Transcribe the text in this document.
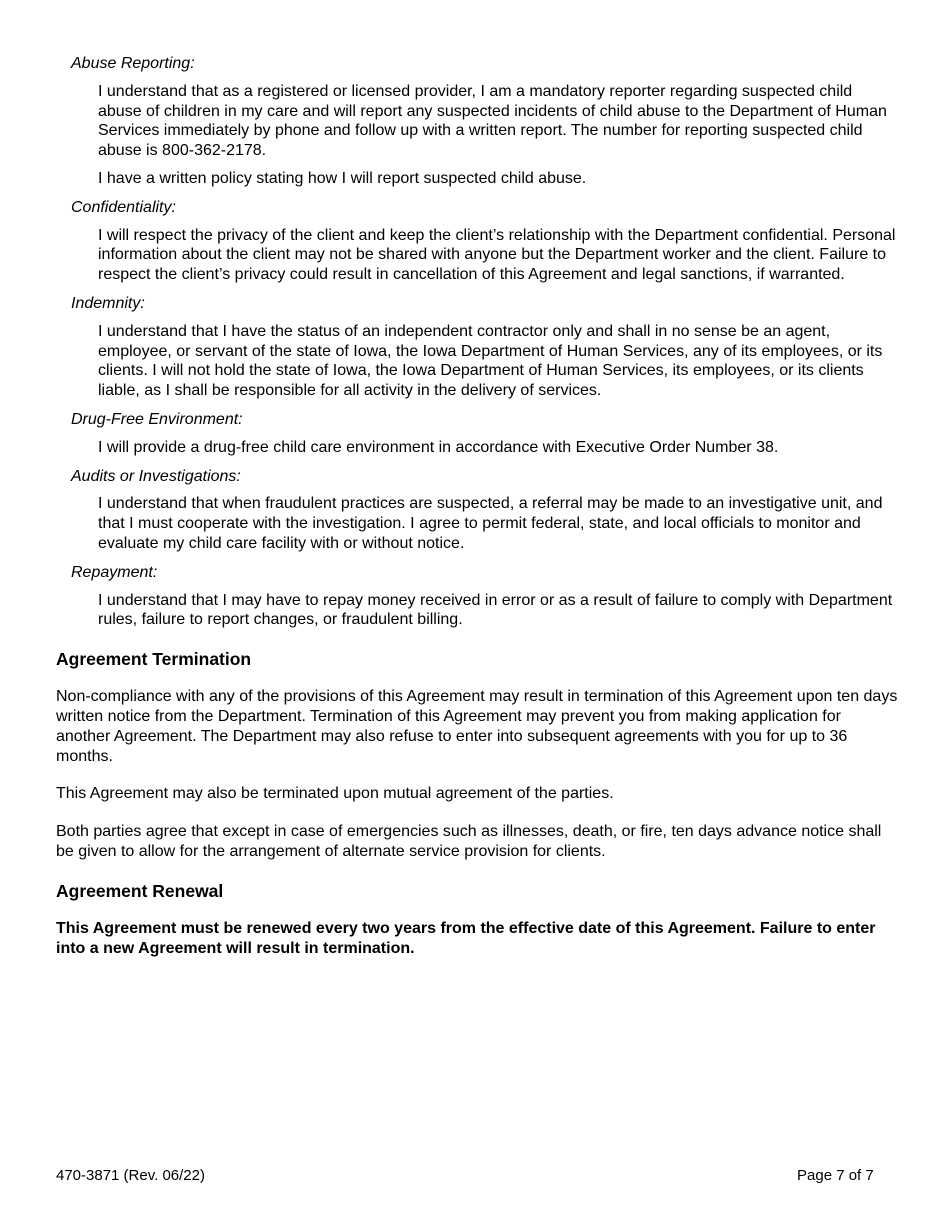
Abuse Reporting:
I understand that as a registered or licensed provider, I am a mandatory reporter regarding suspected child abuse of children in my care and will report any suspected incidents of child abuse to the Department of Human Services immediately by phone and follow up with a written report. The number for reporting suspected child abuse is 800-362-2178.
I have a written policy stating how I will report suspected child abuse.
Confidentiality:
I will respect the privacy of the client and keep the client’s relationship with the Department confidential. Personal information about the client may not be shared with anyone but the Department worker and the client. Failure to respect the client’s privacy could result in cancellation of this Agreement and legal sanctions, if warranted.
Indemnity:
I understand that I have the status of an independent contractor only and shall in no sense be an agent, employee, or servant of the state of Iowa, the Iowa Department of Human Services, any of its employees, or its clients. I will not hold the state of Iowa, the Iowa Department of Human Services, its employees, or its clients liable, as I shall be responsible for all activity in the delivery of services.
Drug-Free Environment:
I will provide a drug-free child care environment in accordance with Executive Order Number 38.
Audits or Investigations:
I understand that when fraudulent practices are suspected, a referral may be made to an investigative unit, and that I must cooperate with the investigation. I agree to permit federal, state, and local officials to monitor and evaluate my child care facility with or without notice.
Repayment:
I understand that I may have to repay money received in error or as a result of failure to comply with Department rules, failure to report changes, or fraudulent billing.
Agreement Termination
Non-compliance with any of the provisions of this Agreement may result in termination of this Agreement upon ten days written notice from the Department. Termination of this Agreement may prevent you from making application for another Agreement. The Department may also refuse to enter into subsequent agreements with you for up to 36 months.
This Agreement may also be terminated upon mutual agreement of the parties.
Both parties agree that except in case of emergencies such as illnesses, death, or fire, ten days advance notice shall be given to allow for the arrangement of alternate service provision for clients.
Agreement Renewal
This Agreement must be renewed every two years from the effective date of this Agreement. Failure to enter into a new Agreement will result in termination.
470-3871 (Rev. 06/22)	Page 7 of 7
